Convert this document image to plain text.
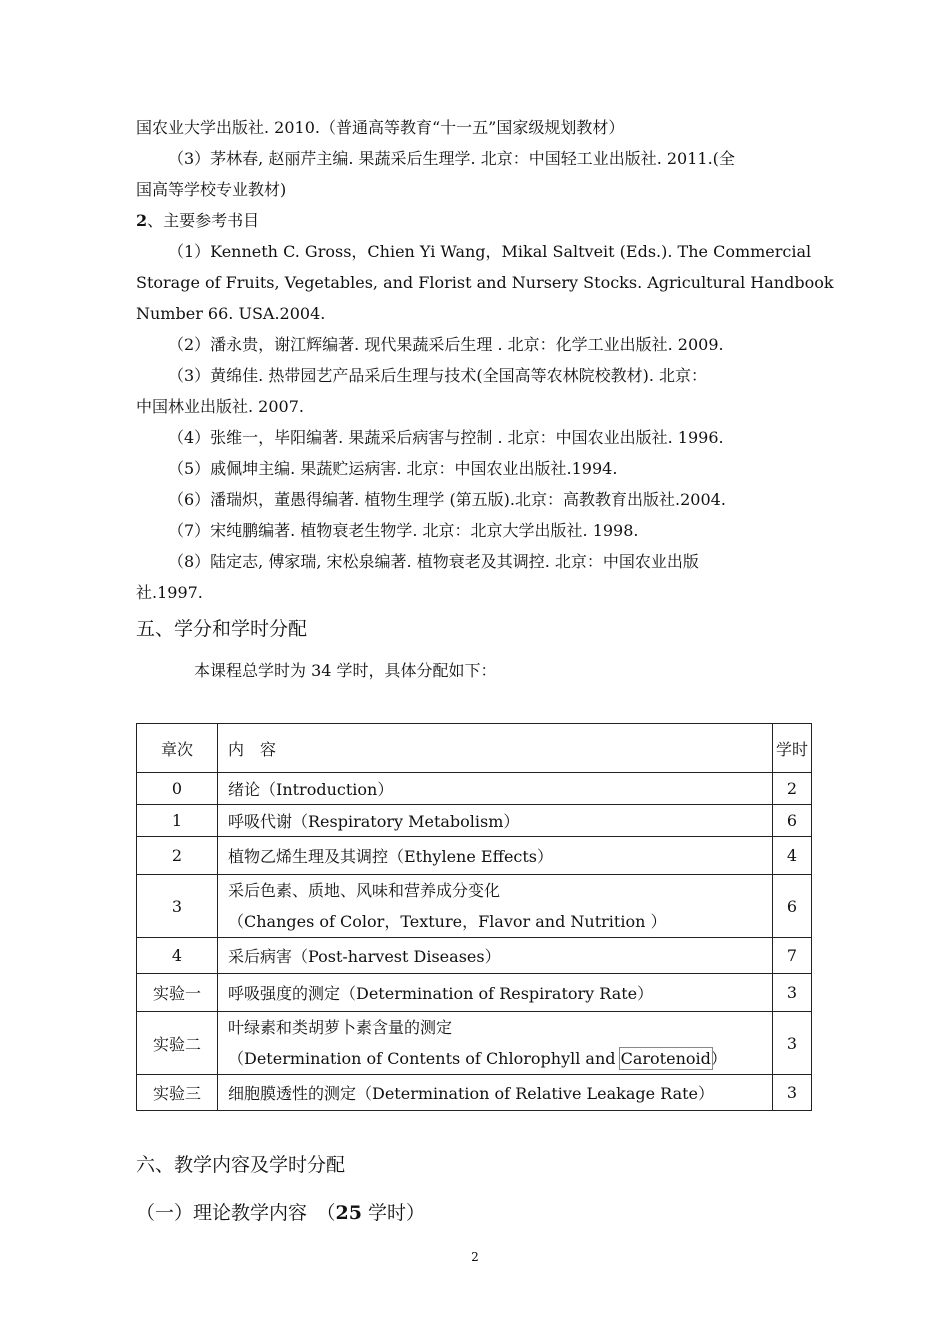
国农业大学出版社. 2010.（普通高等教育“十一五”国家级规划教材）
（3）茅林春, 赵丽芹主编. 果蔬采后生理学. 北京：中国轻工业出版社. 2011.(全
国高等学校专业教材)
2、主要参考书目
（1）Kenneth C. Gross，Chien Yi Wang，Mikal Saltveit (Eds.). The Commercial
Storage of Fruits, Vegetables, and Florist and Nursery Stocks. Agricultural Handbook
Number 66. USA.2004.
（2）潘永贵，谢江辉编著. 现代果蔬采后生理 . 北京：化学工业出版社. 2009.
（3）黄绵佳. 热带园艺产品采后生理与技术(全国高等农林院校教材). 北京：
中国林业出版社. 2007.
（4）张维一，毕阳编著. 果蔬采后病害与控制 . 北京：中国农业出版社. 1996.
（5）戚佩坤主编. 果蔬贮运病害. 北京：中国农业出版社.1994.
（6）潘瑞炽，董愚得编著. 植物生理学 (第五版).北京：高教教育出版社.2004.
（7）宋纯鹏编著. 植物衰老生物学. 北京：北京大学出版社. 1998.
（8）陆定志, 傅家瑞, 宋松泉编著. 植物衰老及其调控. 北京：中国农业出版
社.1997.
五、学分和学时分配
本课程总学时为 34 学时，具体分配如下：
章次	内　容	学时
0	绪论（Introduction）	2
1	呼吸代谢（Respiratory Metabolism）	6
2	植物乙烯生理及其调控（Ethylene Effects）	4
3	采后色素、质地、风味和营养成分变化
（Changes of Color，Texture，Flavor and Nutrition ）	6
4	采后病害（Post-harvest Diseases）	7
实验一	呼吸强度的测定（Determination of Respiratory Rate）	3
实验二	叶绿素和类胡萝卜素含量的测定
（Determination of Contents of Chlorophyll and Carotenoid）	3
实验三	细胞膜透性的测定（Determination of Relative Leakage Rate）	3
六、教学内容及学时分配
（一）理论教学内容　（25 学时）
2
